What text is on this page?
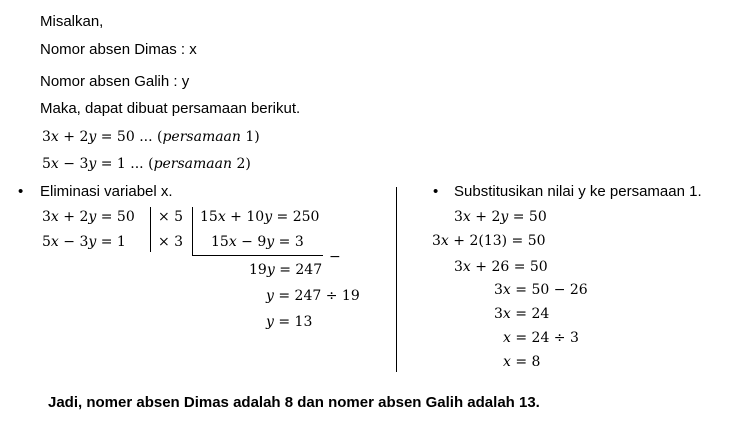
Misalkan,
Nomor absen Dimas : x
Nomor absen Galih : y
Maka, dapat dibuat persamaan berikut.
3x + 2y = 50 ... (persamaan 1)
5x − 3y = 1 ... (persamaan 2)
• Eliminasi variabel x.
3x + 2y = 50
5x − 3y = 1
× 5
× 3
15x + 10y = 250
15x − 9y = 3
−
19y = 247
y = 247 ÷ 19
y = 13
• Substitusikan nilai y ke persamaan 1.
3x + 2y = 50
3x + 2(13) = 50
3x + 26 = 50
3x = 50 − 26
3x = 24
x = 24 ÷ 3
x = 8
Jadi, nomer absen Dimas adalah 8 dan nomer absen Galih adalah 13.
